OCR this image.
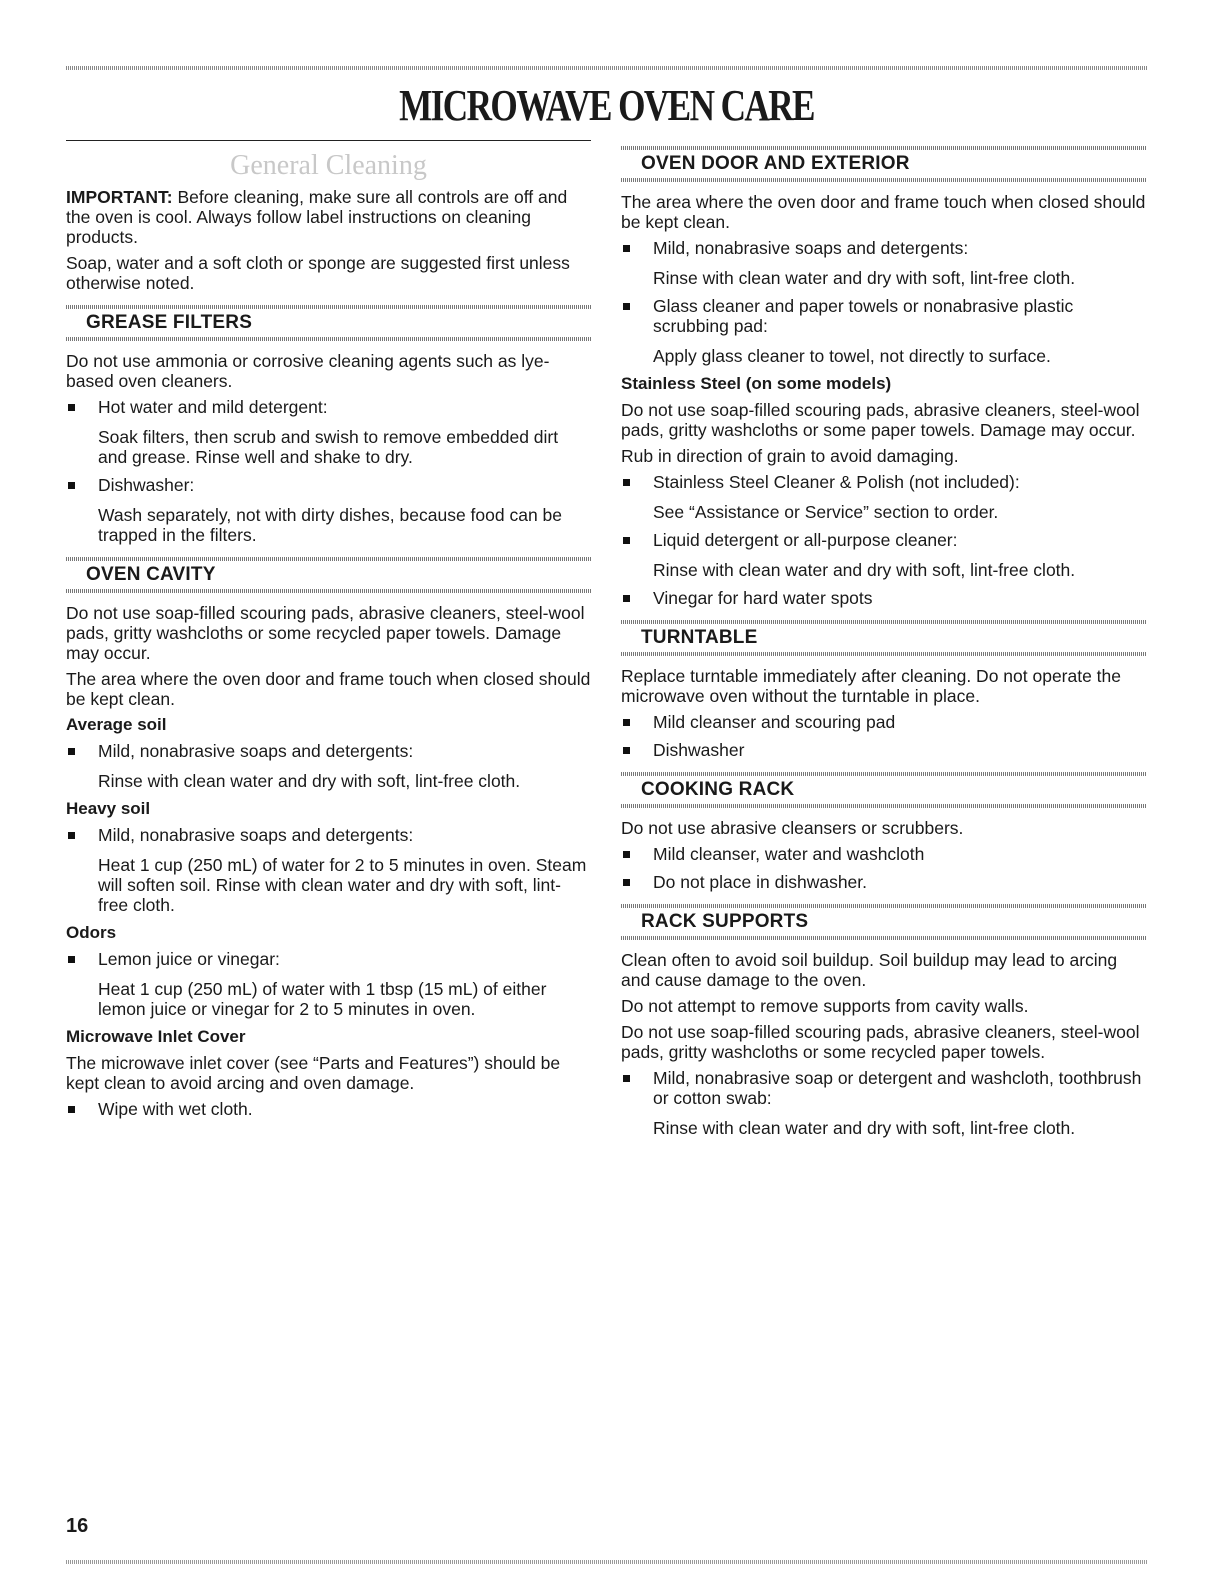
MICROWAVE OVEN CARE
General Cleaning

IMPORTANT: Before cleaning, make sure all controls are off and the oven is cool. Always follow label instructions on cleaning products.

Soap, water and a soft cloth or sponge are suggested first unless otherwise noted.

GREASE FILTERS

Do not use ammonia or corrosive cleaning agents such as lye-based oven cleaners.

Hot water and mild detergent:
Soak filters, then scrub and swish to remove embedded dirt and grease. Rinse well and shake to dry.
Dishwasher:
Wash separately, not with dirty dishes, because food can be trapped in the filters.
OVEN CAVITY

Do not use soap-filled scouring pads, abrasive cleaners, steel-wool pads, gritty washcloths or some recycled paper towels. Damage may occur.

The area where the oven door and frame touch when closed should be kept clean.

Average soil
Mild, nonabrasive soaps and detergents:
Rinse with clean water and dry with soft, lint-free cloth.
Heavy soil
Mild, nonabrasive soaps and detergents:
Heat 1 cup (250 mL) of water for 2 to 5 minutes in oven. Steam will soften soil. Rinse with clean water and dry with soft, lint-free cloth.
Odors
Lemon juice or vinegar:
Heat 1 cup (250 mL) of water with 1 tbsp (15 mL) of either lemon juice or vinegar for 2 to 5 minutes in oven.
Microwave Inlet Cover

The microwave inlet cover (see “Parts and Features”) should be kept clean to avoid arcing and oven damage.

Wipe with wet cloth.
OVEN DOOR AND EXTERIOR

The area where the oven door and frame touch when closed should be kept clean.

Mild, nonabrasive soaps and detergents:
Rinse with clean water and dry with soft, lint-free cloth.
Glass cleaner and paper towels or nonabrasive plastic scrubbing pad:
Apply glass cleaner to towel, not directly to surface.
Stainless Steel (on some models)

Do not use soap-filled scouring pads, abrasive cleaners, steel-wool pads, gritty washcloths or some paper towels. Damage may occur.

Rub in direction of grain to avoid damaging.

Stainless Steel Cleaner & Polish (not included):
See “Assistance or Service” section to order.
Liquid detergent or all-purpose cleaner:
Rinse with clean water and dry with soft, lint-free cloth.
Vinegar for hard water spots
TURNTABLE

Replace turntable immediately after cleaning. Do not operate the microwave oven without the turntable in place.

Mild cleanser and scouring pad
Dishwasher
COOKING RACK

Do not use abrasive cleansers or scrubbers.

Mild cleanser, water and washcloth
Do not place in dishwasher.
RACK SUPPORTS

Clean often to avoid soil buildup. Soil buildup may lead to arcing and cause damage to the oven.

Do not attempt to remove supports from cavity walls.

Do not use soap-filled scouring pads, abrasive cleaners, steel-wool pads, gritty washcloths or some recycled paper towels.

Mild, nonabrasive soap or detergent and washcloth, toothbrush or cotton swab:
Rinse with clean water and dry with soft, lint-free cloth.
16
